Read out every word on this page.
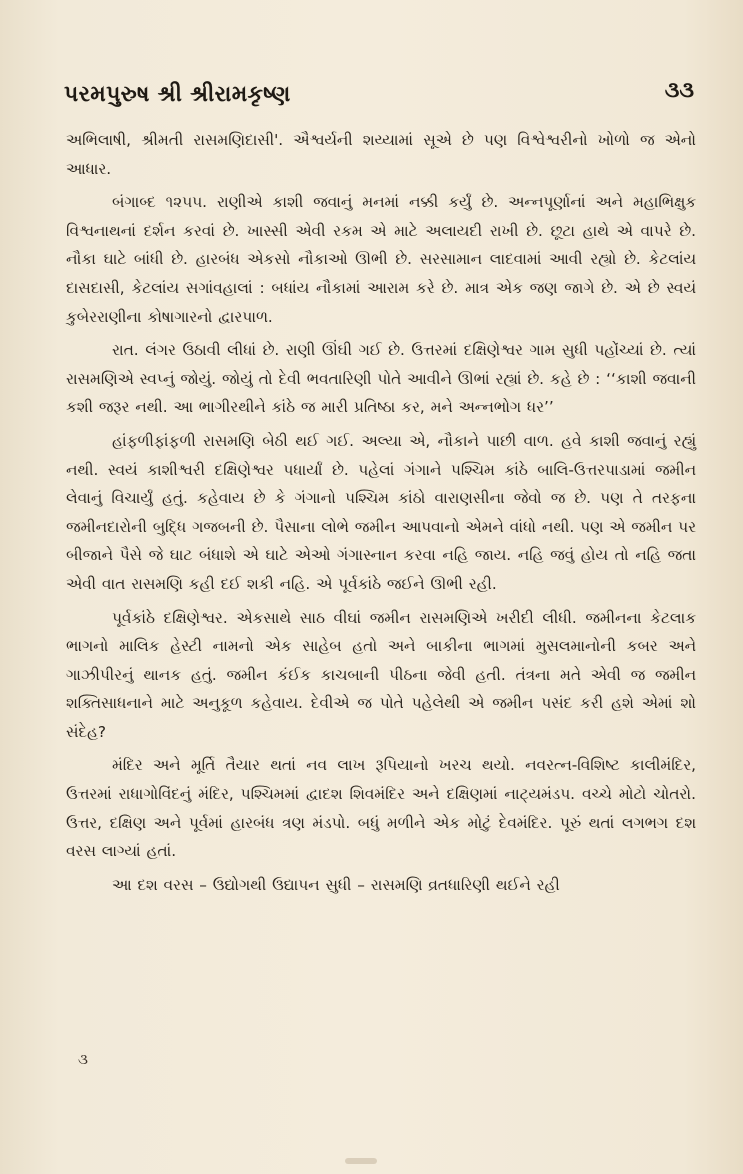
પરમપુરુષ શ્રી શ્રીરામકૃષ્ણ	૩૩

અભિલાષી, શ્રીમતી રાસમણિદાસી'. ઐશ્વર્યની શય્યામાં સૂએ છે પણ વિશ્વેશ્વરીનો ખોળો જ એનો આધાર.

બંગાબ્દ ૧૨૫૫. રાણીએ કાશી જવાનું મનમાં નક્કી કર્યું છે. અન્નપૂર્ણાનાં અને મહાભિક્ષુક વિશ્વનાથનાં દર્શન કરવાં છે. ખાસ્સી એવી રકમ એ માટે અલાયદી રાખી છે. છૂટા હાથે એ વાપરે છે. નૌકા ઘાટે બાંધી છે. હારબંધ એકસો નૌકાઓ ઊભી છે. સરસામાન લાદવામાં આવી રહ્યો છે. કેટલાંય દાસદાસી, કેટલાંય સગાંવહાલાં : બધાંય નૌકામાં આરામ કરે છે. માત્ર એક જણ જાગે છે. એ છે સ્વયં કુબેરરાણીના કોષાગારનો દ્વારપાળ.

રાત. લંગર ઉઠાવી લીધાં છે. રાણી ઊંઘી ગઈ છે. ઉત્તરમાં દક્ષિણેશ્વર ગામ સુધી પહોંચ્યાં છે. ત્યાં રાસમણિએ સ્વપ્નું જોયું. જોયું તો દેવી ભવતારિણી પોતે આવીને ઊભાં રહ્યાં છે. કહે છે : ‘‘કાશી જવાની કશી જરૂર નથી. આ ભાગીરથીને કાંઠે જ મારી પ્રતિષ્ઠા કર, મને અન્નભોગ ધર’’

હાંફળીફાંફળી રાસમણિ બેઠી થઈ ગઈ. અલ્યા એ, નૌકાને પાછી વાળ. હવે કાશી જવાનું રહ્યું નથી. સ્વયં કાશીશ્વરી દક્ષિણેશ્વર પધાર્યાં છે. પહેલાં ગંગાને પશ્ચિમ કાંઠે બાલિ-ઉત્તરપાડામાં જમીન લેવાનું વિચાર્યું હતું. કહેવાય છે કે ગંગાનો પશ્ચિમ કાંઠો વારાણસીના જેવો જ છે. પણ તે તરફના જમીનદારોની બુદ્ધિ ગજબની છે. પૈસાના લોભે જમીન આપવાનો એમને વાંધો નથી. પણ એ જમીન પર બીજાને પૈસે જે ઘાટ બંધાશે એ ઘાટે એઓ ગંગાસ્નાન કરવા નહિ જાય. નહિ જવું હોય તો નહિ જતા એવી વાત રાસમણિ કહી દઈ શકી નહિ. એ પૂર્વકાંઠે જઈને ઊભી રહી.

પૂર્વકાંઠે દક્ષિણેશ્વર. એકસાથે સાઠ વીઘાં જમીન રાસમણિએ ખરીદી લીધી. જમીનના કેટલાક ભાગનો માલિક હેસ્ટી નામનો એક સાહેબ હતો અને બાકીના ભાગમાં મુસલમાનોની કબર અને ગાઝીપીરનું થાનક હતું. જમીન કંઈક કાચબાની પીઠના જેવી હતી. તંત્રના મતે એવી જ જમીન શક્તિસાધનાને માટે અનુકૂળ કહેવાય. દેવીએ જ પોતે પહેલેથી એ જમીન પસંદ કરી હશે એમાં શો સંદેહ?

મંદિર અને મૂર્તિ તૈયાર થતાં નવ લાખ રૂપિયાનો ખરચ થયો. નવરત્ન-વિશિષ્ટ કાલીમંદિર, ઉત્તરમાં રાધાગોવિંદનું મંદિર, પશ્ચિમમાં દ્વાદશ શિવમંદિર અને દક્ષિણમાં નાટ્યમંડપ. વચ્ચે મોટો ચોતરો. ઉત્તર, દક્ષિણ અને પૂર્વમાં હારબંધ ત્રણ મંડપો. બધું મળીને એક મોટું દેવમંદિર. પૂરું થતાં લગભગ દશ વરસ લાગ્યાં હતાં.

આ દશ વરસ – ઉદ્યોગથી ઉદ્યાપન સુધી – રાસમણિ વ્રતધારિણી થઈને રહી

૩
